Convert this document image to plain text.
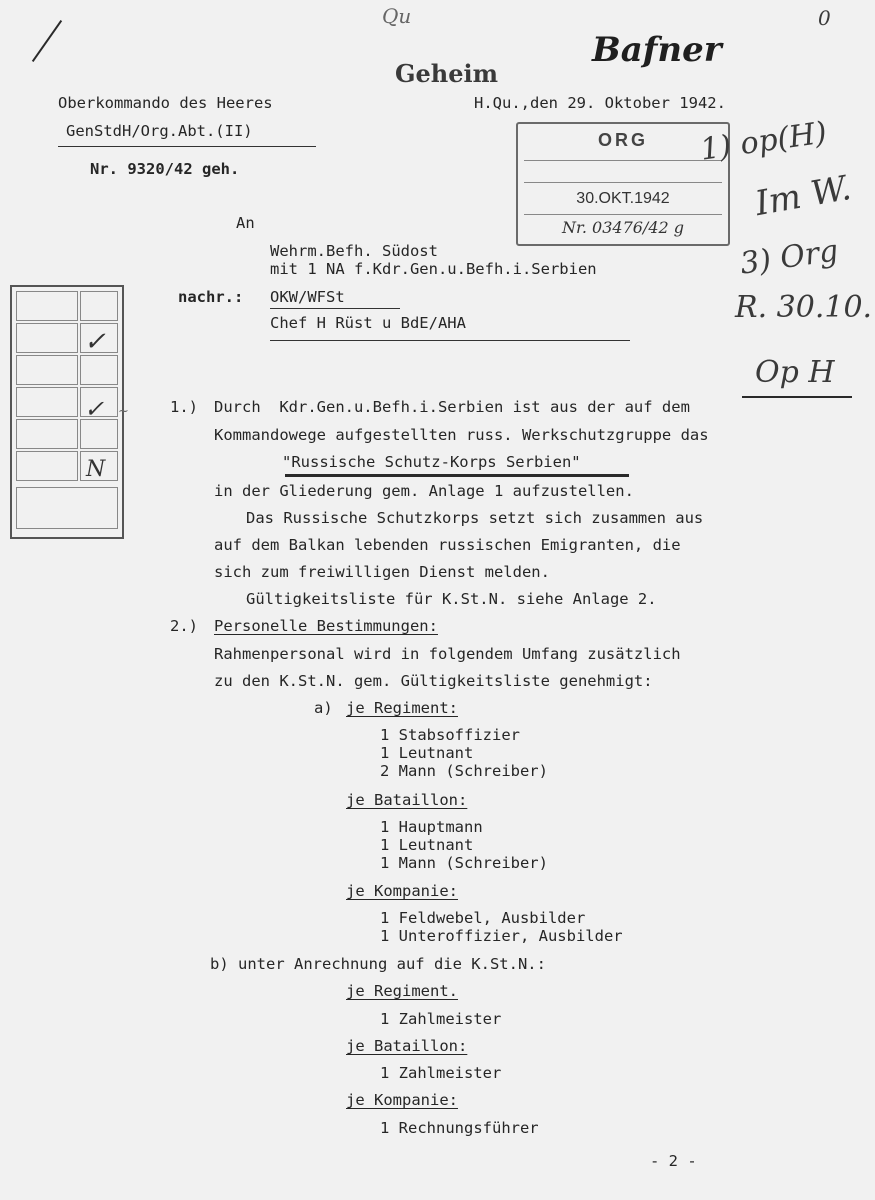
Qu	0
Bafner
Geheim
Oberkommando des Heeres
GenStdH/Org.Abt.(II)
Nr. 9320/42 geh.
H.Qu.,den 29. Oktober 1942.
ORG
30.OKT.1942
Nr. 03476/42 g
1) op(H)
Im W.
3) Org
R. 30.10.
Op H
An
Wehrm.Befh. Südost
mit 1 NA f.Kdr.Gen.u.Befh.i.Serbien
nachr.: OKW/WFSt
Chef H Rüst u BdE/AHA
✓
✓
N
~	1.) Durch  Kdr.Gen.u.Befh.i.Serbien ist aus der auf dem
Kommandowege aufgestellten russ. Werkschutzgruppe das
"Russische Schutz-Korps Serbien"
in der Gliederung gem. Anlage 1 aufzustellen.
Das Russische Schutzkorps setzt sich zusammen aus
auf dem Balkan lebenden russischen Emigranten, die
sich zum freiwilligen Dienst melden.
Gültigkeitsliste für K.St.N. siehe Anlage 2.
2.) Personelle Bestimmungen:
Rahmenpersonal wird in folgendem Umfang zusätzlich
zu den K.St.N. gem. Gültigkeitsliste genehmigt:
a) je Regiment:
1 Stabsoffizier
1 Leutnant
2 Mann (Schreiber)
je Bataillon:
1 Hauptmann
1 Leutnant
1 Mann (Schreiber)
je Kompanie:
1 Feldwebel, Ausbilder
1 Unteroffizier, Ausbilder
b) unter Anrechnung auf die K.St.N.:
je Regiment.
1 Zahlmeister
je Bataillon:
1 Zahlmeister
je Kompanie:
1 Rechnungsführer
- 2 -
